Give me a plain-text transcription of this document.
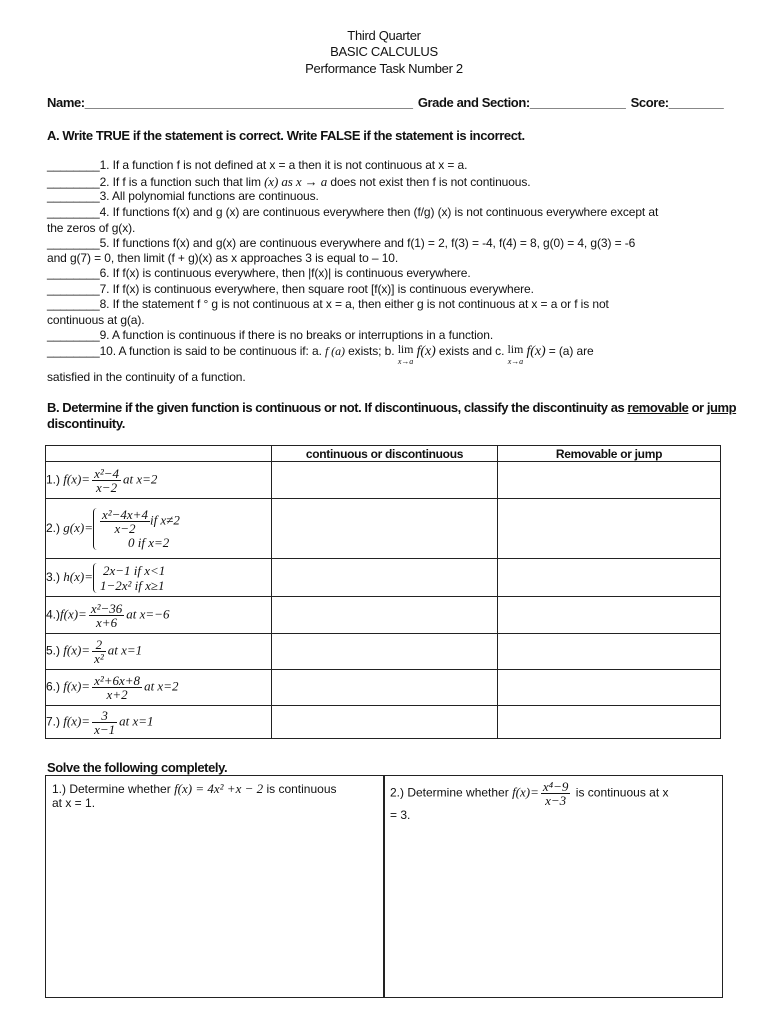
Third Quarter
BASIC CALCULUS
Performance Task Number 2
Name:________________________________________________ Grade and Section:______________ Score:________
A. Write TRUE if the statement is correct. Write FALSE if the statement is incorrect.
________1. If a function f is not defined at x = a then it is not continuous at x = a.
________2. If f is a function such that lim (x) as x → a does not exist then f is not continuous.
________3. All polynomial functions are continuous.
________4. If functions f(x) and g (x) are continuous everywhere then (f/g) (x) is not continuous everywhere except at
the zeros of g(x).
________5. If functions f(x) and g(x) are continuous everywhere and f(1) = 2, f(3) = -4, f(4) = 8, g(0) = 4, g(3) = -6
and g(7) = 0, then limit (f + g)(x) as x approaches 3 is equal to – 10.
________6. If f(x) is continuous everywhere, then |f(x)| is continuous everywhere.
________7. If f(x) is continuous everywhere, then square root [f(x)] is continuous everywhere.
________8. If the statement f ° g is not continuous at x = a, then either g is not continuous at x = a or f is not
continuous at g(a).
________9. A function is continuous if there is no breaks or interruptions in a function.
________10. A function is said to be continuous if: a. f (a) exists; b. lim
x→a f(x) exists and c. lim
x→a f(x) = (a) are
satisfied in the continuity of a function.
B. Determine if the given function is continuous or not. If discontinuous, classify the discontinuity as removable or jump
discontinuity.
	continuous or discontinuous	Removable or jump
1.) $f(x)= \frac{\text{x²−4}}{x-2}$ at x=2		
2.) $g(x)= \frac{\text{x²−4x+4}}{x-2}$ if x≠2
0 if x=2		
3.) h(x)= 2x−1 if x<1
1−2x² if x≥1		
$4.)f(x)= \frac{\text{x²−36}}{x+6}$ at x=−6		
5.) $f(x)= \frac{2}{\text{x²}}$ at x=1		
6.) $f(x)= \frac{\text{x²+6x+8}}{x+2}$ at x=2		
7.) $f(x)= \frac{3}{x-1}$ at x=1		
Solve the following completely.
1.) Determine whether f(x) = 4x² +x − 2 is continuous
at x = 1.
2.) Determine whether $f(x)= \frac{\text{x⁴−9}}{x-3}$ is continuous at x
= 3.
